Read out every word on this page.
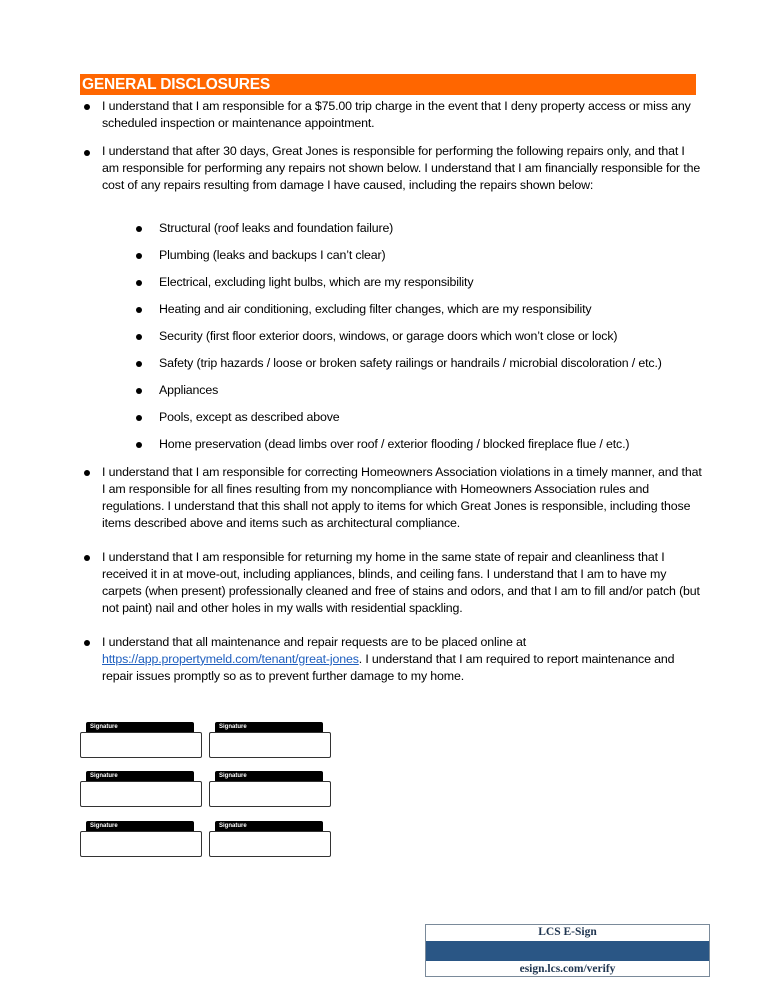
GENERAL DISCLOSURES
I understand that I am responsible for a $75.00 trip charge in the event that I deny property access or miss any scheduled inspection or maintenance appointment.
I understand that after 30 days, Great Jones is responsible for performing the following repairs only, and that I am responsible for performing any repairs not shown below. I understand that I am financially responsible for the cost of any repairs resulting from damage I have caused, including the repairs shown below:
Structural (roof leaks and foundation failure)
Plumbing (leaks and backups I can’t clear)
Electrical, excluding light bulbs, which are my responsibility
Heating and air conditioning, excluding filter changes, which are my responsibility
Security (first floor exterior doors, windows, or garage doors which won’t close or lock)
Safety (trip hazards / loose or broken safety railings or handrails / microbial discoloration / etc.)
Appliances
Pools, except as described above
Home preservation (dead limbs over roof / exterior flooding / blocked fireplace flue / etc.)
I understand that I am responsible for correcting Homeowners Association violations in a timely manner, and that I am responsible for all fines resulting from my noncompliance with Homeowners Association rules and regulations. I understand that this shall not apply to items for which Great Jones is responsible, including those items described above and items such as architectural compliance.
I understand that I am responsible for returning my home in the same state of repair and cleanliness that I received it in at move-out, including appliances, blinds, and ceiling fans. I understand that I am to have my carpets (when present) professionally cleaned and free of stains and odors, and that I am to fill and/or patch (but not paint) nail and other holes in my walls with residential spackling.
I understand that all maintenance and repair requests are to be placed online at https://app.propertymeld.com/tenant/great-jones. I understand that I am required to report maintenance and repair issues promptly so as to prevent further damage to my home.
Signature	Signature
Signature	Signature
Signature	Signature
LCS E-Sign
esign.lcs.com/verify
